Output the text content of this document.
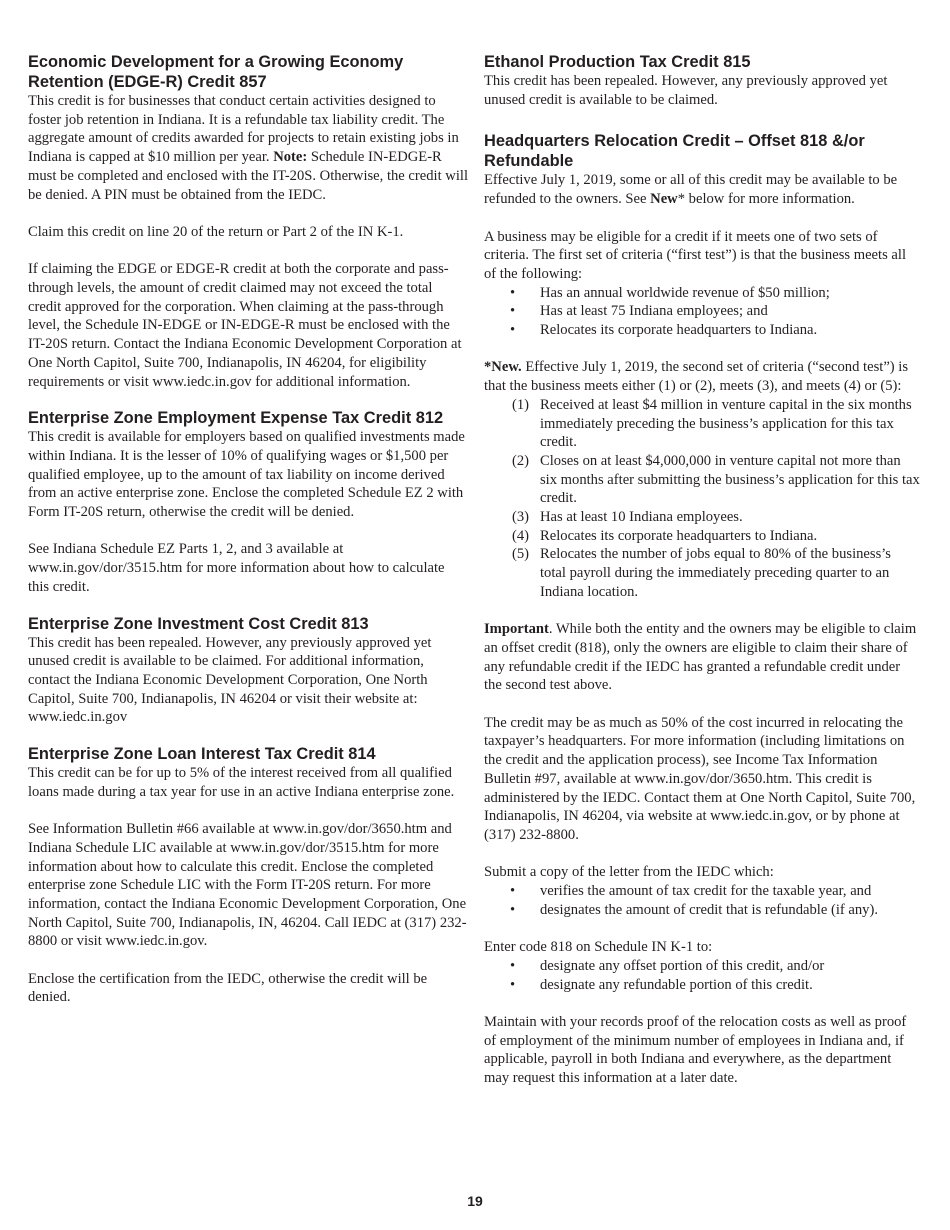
Economic Development for a Growing Economy Retention (EDGE-R) Credit 857

This credit is for businesses that conduct certain activities designed to foster job retention in Indiana. It is a refundable tax liability credit. The aggregate amount of credits awarded for projects to retain existing jobs in Indiana is capped at $10 million per year. Note: Schedule IN-EDGE-R must be completed and enclosed with the IT-20S. Otherwise, the credit will be denied. A PIN must be obtained from the IEDC.

Claim this credit on line 20 of the return or Part 2 of the IN K-1.

If claiming the EDGE or EDGE-R credit at both the corporate and pass-through levels, the amount of credit claimed may not exceed the total credit approved for the corporation. When claiming at the pass-through level, the Schedule IN-EDGE or IN-EDGE-R must be enclosed with the IT-20S return. Contact the Indiana Economic Development Corporation at One North Capitol, Suite 700, Indianapolis, IN 46204, for eligibility requirements or visit www.iedc.in.gov for additional information.

Enterprise Zone Employment Expense Tax Credit 812

This credit is available for employers based on qualified investments made within Indiana. It is the lesser of 10% of qualifying wages or $1,500 per qualified employee, up to the amount of tax liability on income derived from an active enterprise zone. Enclose the completed Schedule EZ 2 with Form IT-20S return, otherwise the credit will be denied.

See Indiana Schedule EZ Parts 1, 2, and 3 available at www.in.gov/dor/3515.htm for more information about how to calculate this credit.

Enterprise Zone Investment Cost Credit 813

This credit has been repealed. However, any previously approved yet unused credit is available to be claimed. For additional information, contact the Indiana Economic Development Corporation, One North Capitol, Suite 700, Indianapolis, IN 46204 or visit their website at: www.iedc.in.gov

Enterprise Zone Loan Interest Tax Credit 814

This credit can be for up to 5% of the interest received from all qualified loans made during a tax year for use in an active Indiana enterprise zone.

See Information Bulletin #66 available at www.in.gov/dor/3650.htm and Indiana Schedule LIC available at www.in.gov/dor/3515.htm for more information about how to calculate this credit. Enclose the completed enterprise zone Schedule LIC with the Form IT-20S return. For more information, contact the Indiana Economic Development Corporation, One North Capitol, Suite 700, Indianapolis, IN, 46204. Call IEDC at (317) 232-8800 or visit www.iedc.in.gov.

Enclose the certification from the IEDC, otherwise the credit will be denied.

Ethanol Production Tax Credit 815

This credit has been repealed. However, any previously approved yet unused credit is available to be claimed.

Headquarters Relocation Credit – Offset 818 &/or Refundable

Effective July 1, 2019, some or all of this credit may be available to be refunded to the owners. See New* below for more information.

A business may be eligible for a credit if it meets one of two sets of criteria. The first set of criteria (“first test”) is that the business meets all of the following:

•	Has an annual worldwide revenue of $50 million;
•	Has at least 75 Indiana employees; and
•	Relocates its corporate headquarters to Indiana.

*New. Effective July 1, 2019, the second set of criteria (“second test”) is that the business meets either (1) or (2), meets (3), and meets (4) or (5):

(1) Received at least $4 million in venture capital in the six months immediately preceding the business’s application for this tax credit.
(2) Closes on at least $4,000,000 in venture capital not more than six months after submitting the business’s application for this tax credit.
(3) Has at least 10 Indiana employees.
(4) Relocates its corporate headquarters to Indiana.
(5) Relocates the number of jobs equal to 80% of the business’s total payroll during the immediately preceding quarter to an Indiana location.

Important. While both the entity and the owners may be eligible to claim an offset credit (818), only the owners are eligible to claim their share of any refundable credit if the IEDC has granted a refundable credit under the second test above.

The credit may be as much as 50% of the cost incurred in relocating the taxpayer’s headquarters. For more information (including limitations on the credit and the application process), see Income Tax Information Bulletin #97, available at www.in.gov/dor/3650.htm. This credit is administered by the IEDC. Contact them at One North Capitol, Suite 700, Indianapolis, IN 46204, via website at www.iedc.in.gov, or by phone at (317) 232-8800.

Submit a copy of the letter from the IEDC which:

•	verifies the amount of tax credit for the taxable year, and
•	designates the amount of credit that is refundable (if any).

Enter code 818 on Schedule IN K-1 to:

•	designate any offset portion of this credit, and/or
•	designate any refundable portion of this credit.

Maintain with your records proof of the relocation costs as well as proof of employment of the minimum number of employees in Indiana and, if applicable, payroll in both Indiana and everywhere, as the department may request this information at a later date.

19
